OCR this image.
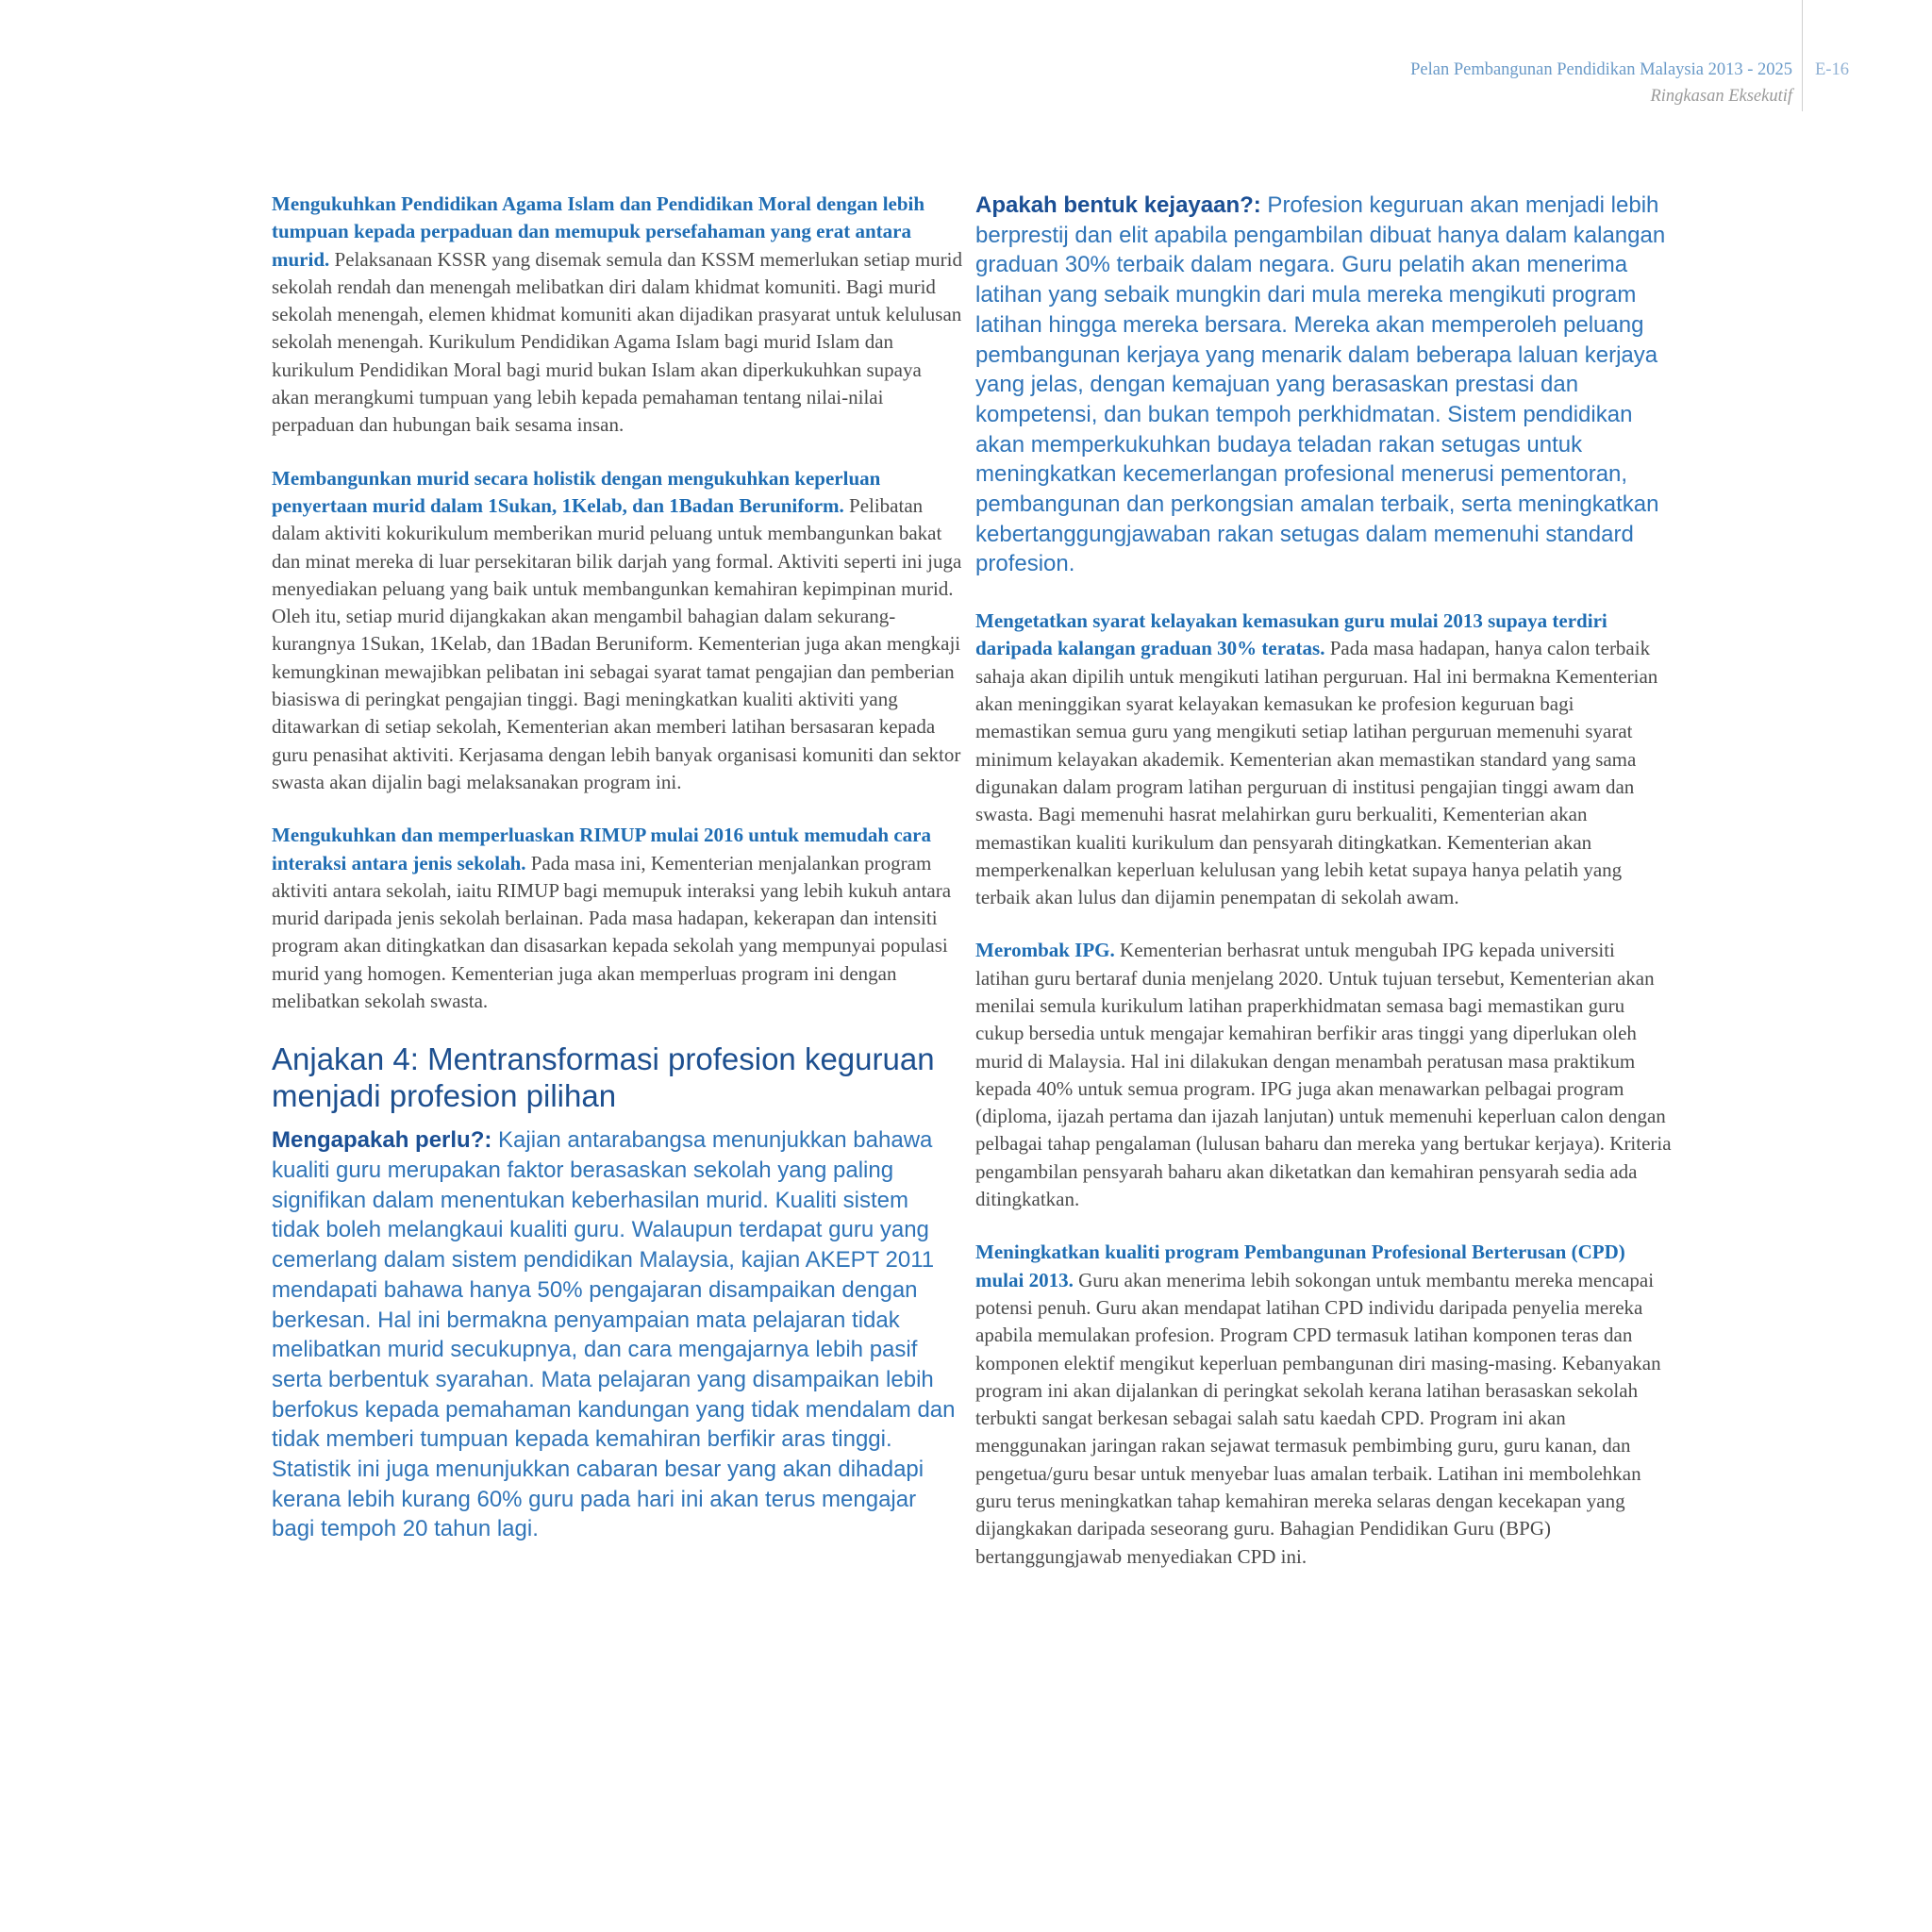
Pelan Pembangunan Pendidikan Malaysia 2013 - 2025
Ringkasan Eksekutif
E-16

Mengukuhkan Pendidikan Agama Islam dan Pendidikan Moral dengan lebih tumpuan kepada perpaduan dan memupuk persefahaman yang erat antara murid. Pelaksanaan KSSR yang disemak semula dan KSSM memerlukan setiap murid sekolah rendah dan menengah melibatkan diri dalam khidmat komuniti. Bagi murid sekolah menengah, elemen khidmat komuniti akan dijadikan prasyarat untuk kelulusan sekolah menengah. Kurikulum Pendidikan Agama Islam bagi murid Islam dan kurikulum Pendidikan Moral bagi murid bukan Islam akan diperkukuhkan supaya akan merangkumi tumpuan yang lebih kepada pemahaman tentang nilai-nilai perpaduan dan hubungan baik sesama insan.

Membangunkan murid secara holistik dengan mengukuhkan keperluan penyertaan murid dalam 1Sukan, 1Kelab, dan 1Badan Beruniform. Pelibatan dalam aktiviti kokurikulum memberikan murid peluang untuk membangunkan bakat dan minat mereka di luar persekitaran bilik darjah yang formal. Aktiviti seperti ini juga menyediakan peluang yang baik untuk membangunkan kemahiran kepimpinan murid. Oleh itu, setiap murid dijangkakan akan mengambil bahagian dalam sekurang-kurangnya 1Sukan, 1Kelab, dan 1Badan Beruniform. Kementerian juga akan mengkaji kemungkinan mewajibkan pelibatan ini sebagai syarat tamat pengajian dan pemberian biasiswa di peringkat pengajian tinggi. Bagi meningkatkan kualiti aktiviti yang ditawarkan di setiap sekolah, Kementerian akan memberi latihan bersasaran kepada guru penasihat aktiviti. Kerjasama dengan lebih banyak organisasi komuniti dan sektor swasta akan dijalin bagi melaksanakan program ini.

Mengukuhkan dan memperluaskan RIMUP mulai 2016 untuk memudah cara interaksi antara jenis sekolah. Pada masa ini, Kementerian menjalankan program aktiviti antara sekolah, iaitu RIMUP bagi memupuk interaksi yang lebih kukuh antara murid daripada jenis sekolah berlainan. Pada masa hadapan, kekerapan dan intensiti program akan ditingkatkan dan disasarkan kepada sekolah yang mempunyai populasi murid yang homogen. Kementerian juga akan memperluas program ini dengan melibatkan sekolah swasta.

Anjakan 4: Mentransformasi profesion keguruan menjadi profesion pilihan

Mengapakah perlu?: Kajian antarabangsa menunjukkan bahawa kualiti guru merupakan faktor berasaskan sekolah yang paling signifikan dalam menentukan keberhasilan murid. Kualiti sistem tidak boleh melangkaui kualiti guru. Walaupun terdapat guru yang cemerlang dalam sistem pendidikan Malaysia, kajian AKEPT 2011 mendapati bahawa hanya 50% pengajaran disampaikan dengan berkesan. Hal ini bermakna penyampaian mata pelajaran tidak melibatkan murid secukupnya, dan cara mengajarnya lebih pasif serta berbentuk syarahan. Mata pelajaran yang disampaikan lebih berfokus kepada pemahaman kandungan yang tidak mendalam dan tidak memberi tumpuan kepada kemahiran berfikir aras tinggi. Statistik ini juga menunjukkan cabaran besar yang akan dihadapi kerana lebih kurang 60% guru pada hari ini akan terus mengajar bagi tempoh 20 tahun lagi.

Apakah bentuk kejayaan?: Profesion keguruan akan menjadi lebih berprestij dan elit apabila pengambilan dibuat hanya dalam kalangan graduan 30% terbaik dalam negara. Guru pelatih akan menerima latihan yang sebaik mungkin dari mula mereka mengikuti program latihan hingga mereka bersara. Mereka akan memperoleh peluang pembangunan kerjaya yang menarik dalam beberapa laluan kerjaya yang jelas, dengan kemajuan yang berasaskan prestasi dan kompetensi, dan bukan tempoh perkhidmatan. Sistem pendidikan akan memperkukuhkan budaya teladan rakan setugas untuk meningkatkan kecemerlangan profesional menerusi pementoran, pembangunan dan perkongsian amalan terbaik, serta meningkatkan kebertanggungjawaban rakan setugas dalam memenuhi standard profesion.

Mengetatkan syarat kelayakan kemasukan guru mulai 2013 supaya terdiri daripada kalangan graduan 30% teratas. Pada masa hadapan, hanya calon terbaik sahaja akan dipilih untuk mengikuti latihan perguruan. Hal ini bermakna Kementerian akan meninggikan syarat kelayakan kemasukan ke profesion keguruan bagi memastikan semua guru yang mengikuti setiap latihan perguruan memenuhi syarat minimum kelayakan akademik. Kementerian akan memastikan standard yang sama digunakan dalam program latihan perguruan di institusi pengajian tinggi awam dan swasta. Bagi memenuhi hasrat melahirkan guru berkualiti, Kementerian akan memastikan kualiti kurikulum dan pensyarah ditingkatkan. Kementerian akan memperkenalkan keperluan kelulusan yang lebih ketat supaya hanya pelatih yang terbaik akan lulus dan dijamin penempatan di sekolah awam.

Merombak IPG. Kementerian berhasrat untuk mengubah IPG kepada universiti latihan guru bertaraf dunia menjelang 2020. Untuk tujuan tersebut, Kementerian akan menilai semula kurikulum latihan praperkhidmatan semasa bagi memastikan guru cukup bersedia untuk mengajar kemahiran berfikir aras tinggi yang diperlukan oleh murid di Malaysia. Hal ini dilakukan dengan menambah peratusan masa praktikum kepada 40% untuk semua program. IPG juga akan menawarkan pelbagai program (diploma, ijazah pertama dan ijazah lanjutan) untuk memenuhi keperluan calon dengan pelbagai tahap pengalaman (lulusan baharu dan mereka yang bertukar kerjaya). Kriteria pengambilan pensyarah baharu akan diketatkan dan kemahiran pensyarah sedia ada ditingkatkan.

Meningkatkan kualiti program Pembangunan Profesional Berterusan (CPD) mulai 2013. Guru akan menerima lebih sokongan untuk membantu mereka mencapai potensi penuh. Guru akan mendapat latihan CPD individu daripada penyelia mereka apabila memulakan profesion. Program CPD termasuk latihan komponen teras dan komponen elektif mengikut keperluan pembangunan diri masing-masing. Kebanyakan program ini akan dijalankan di peringkat sekolah kerana latihan berasaskan sekolah terbukti sangat berkesan sebagai salah satu kaedah CPD. Program ini akan menggunakan jaringan rakan sejawat termasuk pembimbing guru, guru kanan, dan pengetua/guru besar untuk menyebar luas amalan terbaik. Latihan ini membolehkan guru terus meningkatkan tahap kemahiran mereka selaras dengan kecekapan yang dijangkakan daripada seseorang guru. Bahagian Pendidikan Guru (BPG) bertanggungjawab menyediakan CPD ini.
